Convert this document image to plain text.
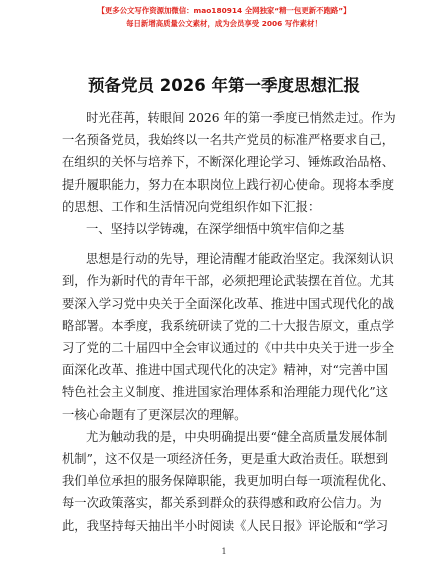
【更多公文写作资源加微信：mao180914 全网独家“精一包更新不跑路”】
每日新增高质量公文素材，成为会员享受 2006 写作素材！
预备党员 2026 年第一季度思想汇报
时光荏苒，转眼间 2026 年的第一季度已悄然走过。作为
一名预备党员，我始终以一名共产党员的标准严格要求自己，
在组织的关怀与培养下，不断深化理论学习、锤炼政治品格、
提升履职能力，努力在本职岗位上践行初心使命。现将本季度
的思想、工作和生活情况向党组织作如下汇报：
一、坚持以学铸魂，在深学细悟中筑牢信仰之基
思想是行动的先导，理论清醒才能政治坚定。我深刻认识
到，作为新时代的青年干部，必须把理论武装摆在首位。尤其
要深入学习党中央关于全面深化改革、推进中国式现代化的战
略部署。本季度，我系统研读了党的二十大报告原文，重点学
习了党的二十届四中全会审议通过的《中共中央关于进一步全
面深化改革、推进中国式现代化的决定》精神，对“完善中国
特色社会主义制度、推进国家治理体系和治理能力现代化”这
一核心命题有了更深层次的理解。
尤为触动我的是，中央明确提出要“健全高质量发展体制
机制”，这不仅是一项经济任务，更是重大政治责任。联想到
我们单位承担的服务保障职能，我更加明白每一项流程优化、
每一次政策落实，都关系到群众的获得感和政府公信力。为
此，我坚持每天抽出半小时阅读《人民日报》评论版和“学习
1
